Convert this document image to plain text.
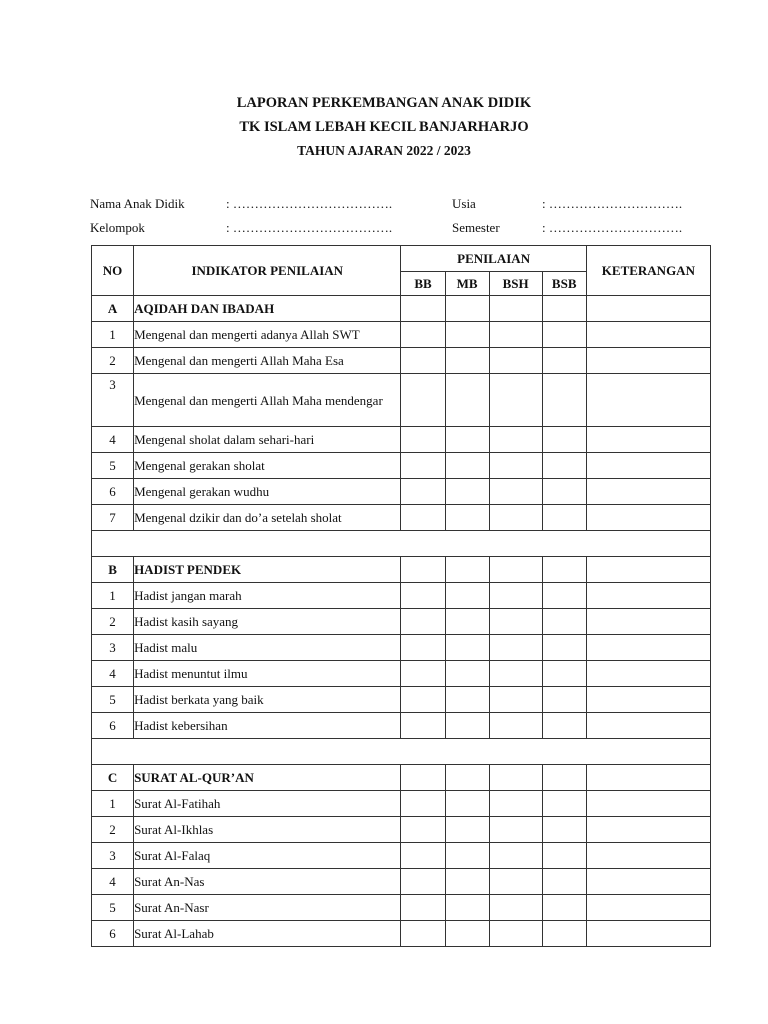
LAPORAN PERKEMBANGAN ANAK DIDIK
TK ISLAM LEBAH KECIL BANJARHARJO
TAHUN AJARAN 2022 / 2023
Nama Anak Didik	: ……………………………….	Usia	: ………………………….
Kelompok	: ……………………………….	Semester	: ………………………….
NO	INDIKATOR PENILAIAN	PENILAIAN				KETERANGAN
		BB	MB	BSH	BSB	
A	AQIDAH DAN IBADAH					
1	Mengenal dan mengerti adanya Allah SWT					
2	Mengenal dan mengerti Allah Maha Esa					
3	Mengenal dan mengerti Allah Maha mendengar					
4	Mengenal sholat dalam sehari-hari					
5	Mengenal gerakan sholat					
6	Mengenal gerakan wudhu					
7	Mengenal dzikir dan do’a setelah sholat					

B	HADIST PENDEK					
1	Hadist jangan marah					
2	Hadist kasih sayang					
3	Hadist malu					
4	Hadist menuntut ilmu					
5	Hadist berkata yang baik					
6	Hadist kebersihan					

C	SURAT AL-QUR’AN					
1	Surat Al-Fatihah					
2	Surat Al-Ikhlas					
3	Surat Al-Falaq					
4	Surat An-Nas					
5	Surat An-Nasr					
6	Surat Al-Lahab					
